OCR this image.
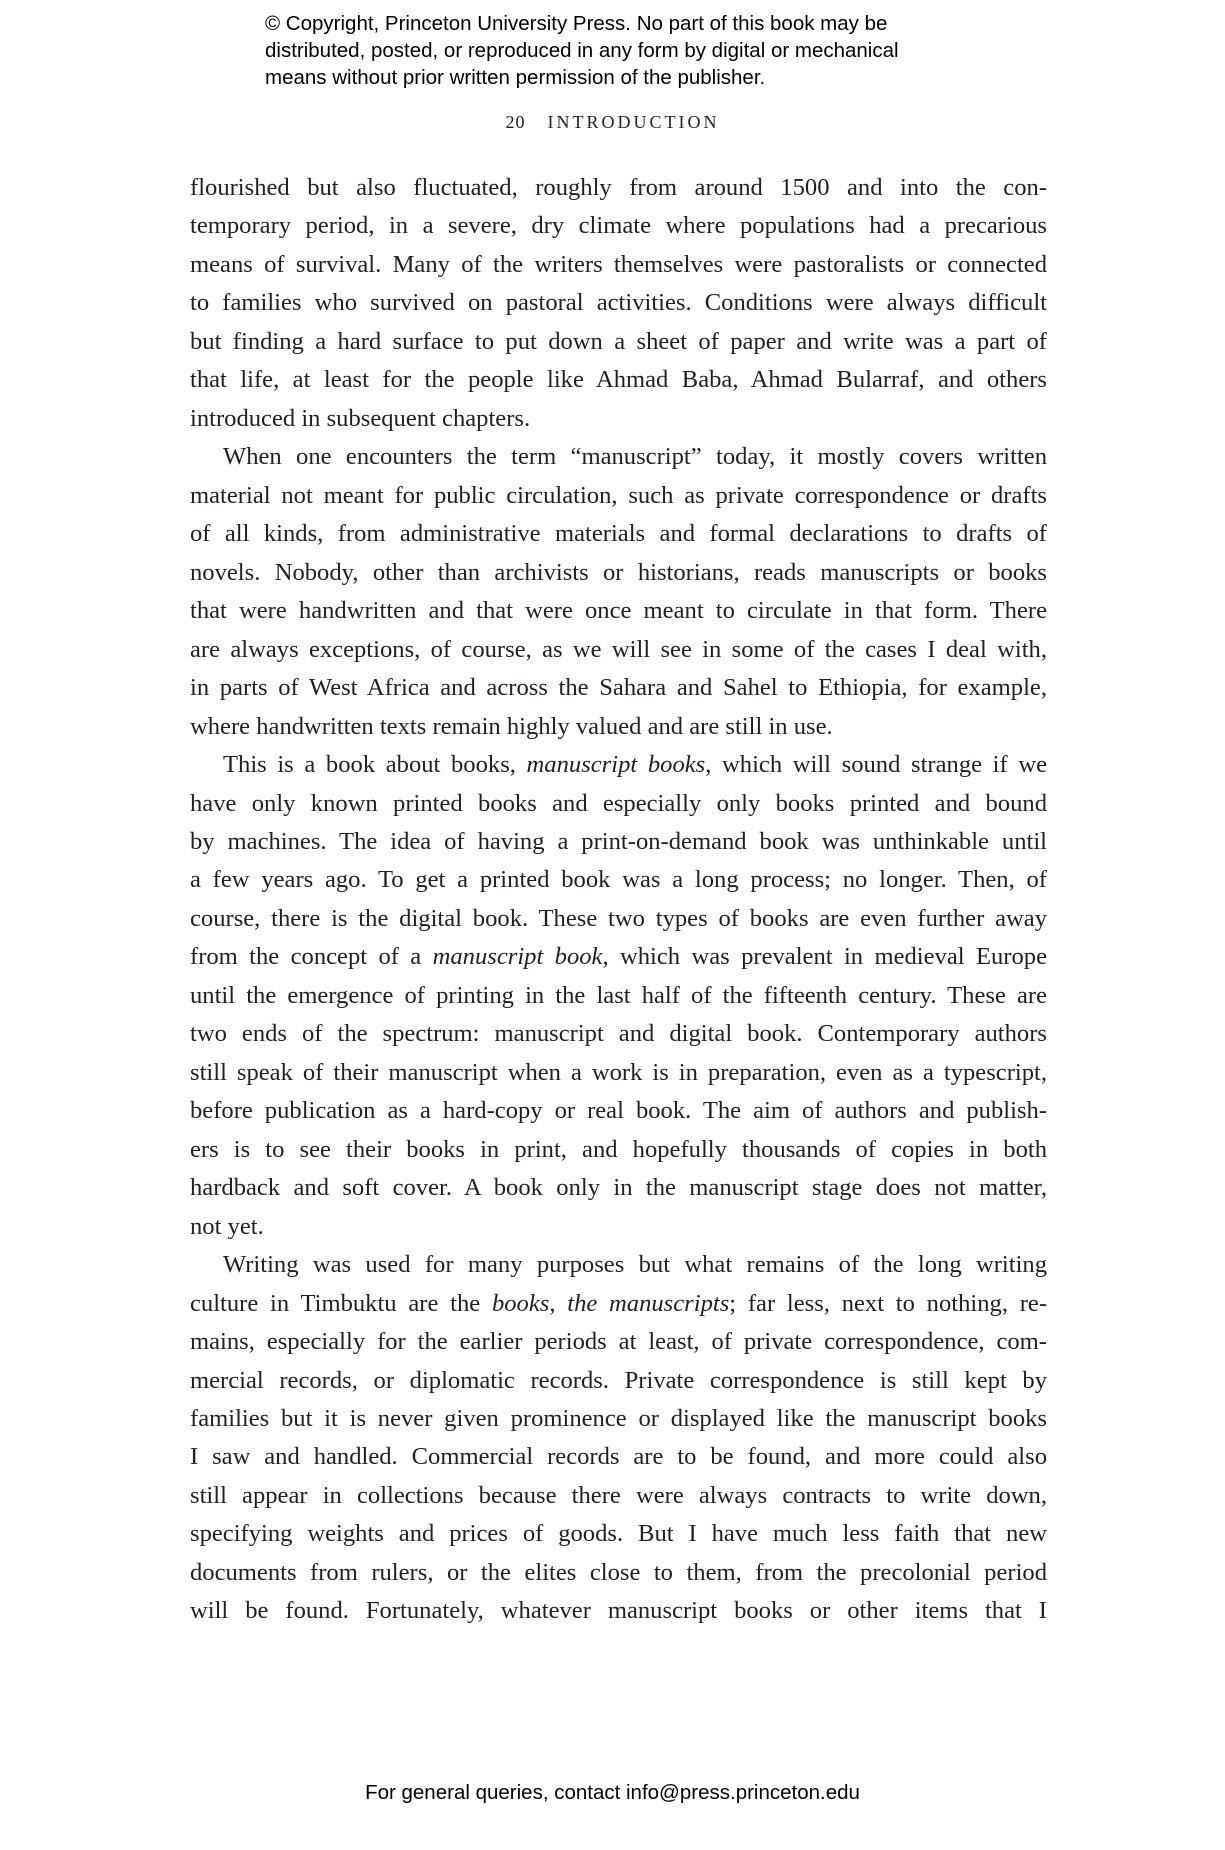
© Copyright, Princeton University Press. No part of this book may be
distributed, posted, or reproduced in any form by digital or mechanical
means without prior written permission of the publisher.
20 INTRODUCTION
flourished but also fluctuated, roughly from around 1500 and into the con-
temporary period, in a severe, dry climate where populations had a precarious
means of survival. Many of the writers themselves were pastoralists or connected
to families who survived on pastoral activities. Conditions were always difficult
but finding a hard surface to put down a sheet of paper and write was a part of
that life, at least for the people like Ahmad Baba, Ahmad Bularraf, and others
introduced in subsequent chapters.
When one encounters the term “manuscript” today, it mostly covers written
material not meant for public circulation, such as private correspondence or drafts
of all kinds, from administrative materials and formal declarations to drafts of
novels. Nobody, other than archivists or historians, reads manuscripts or books
that were handwritten and that were once meant to circulate in that form. There
are always exceptions, of course, as we will see in some of the cases I deal with,
in parts of West Africa and across the Sahara and Sahel to Ethiopia, for example,
where handwritten texts remain highly valued and are still in use.
This is a book about books, manuscript books, which will sound strange if we
have only known printed books and especially only books printed and bound
by machines. The idea of having a print-on-demand book was unthinkable until
a few years ago. To get a printed book was a long process; no longer. Then, of
course, there is the digital book. These two types of books are even further away
from the concept of a manuscript book, which was prevalent in medieval Europe
until the emergence of printing in the last half of the fifteenth century. These are
two ends of the spectrum: manuscript and digital book. Contemporary authors
still speak of their manuscript when a work is in preparation, even as a typescript,
before publication as a hard-copy or real book. The aim of authors and publish-
ers is to see their books in print, and hopefully thousands of copies in both
hardback and soft cover. A book only in the manuscript stage does not matter,
not yet.
Writing was used for many purposes but what remains of the long writing
culture in Timbuktu are the books, the manuscripts; far less, next to nothing, re-
mains, especially for the earlier periods at least, of private correspondence, com-
mercial records, or diplomatic records. Private correspondence is still kept by
families but it is never given prominence or displayed like the manuscript books
I saw and handled. Commercial records are to be found, and more could also
still appear in collections because there were always contracts to write down,
specifying weights and prices of goods. But I have much less faith that new
documents from rulers, or the elites close to them, from the precolonial period
will be found. Fortunately, whatever manuscript books or other items that I
For general queries, contact info@press.princeton.edu
